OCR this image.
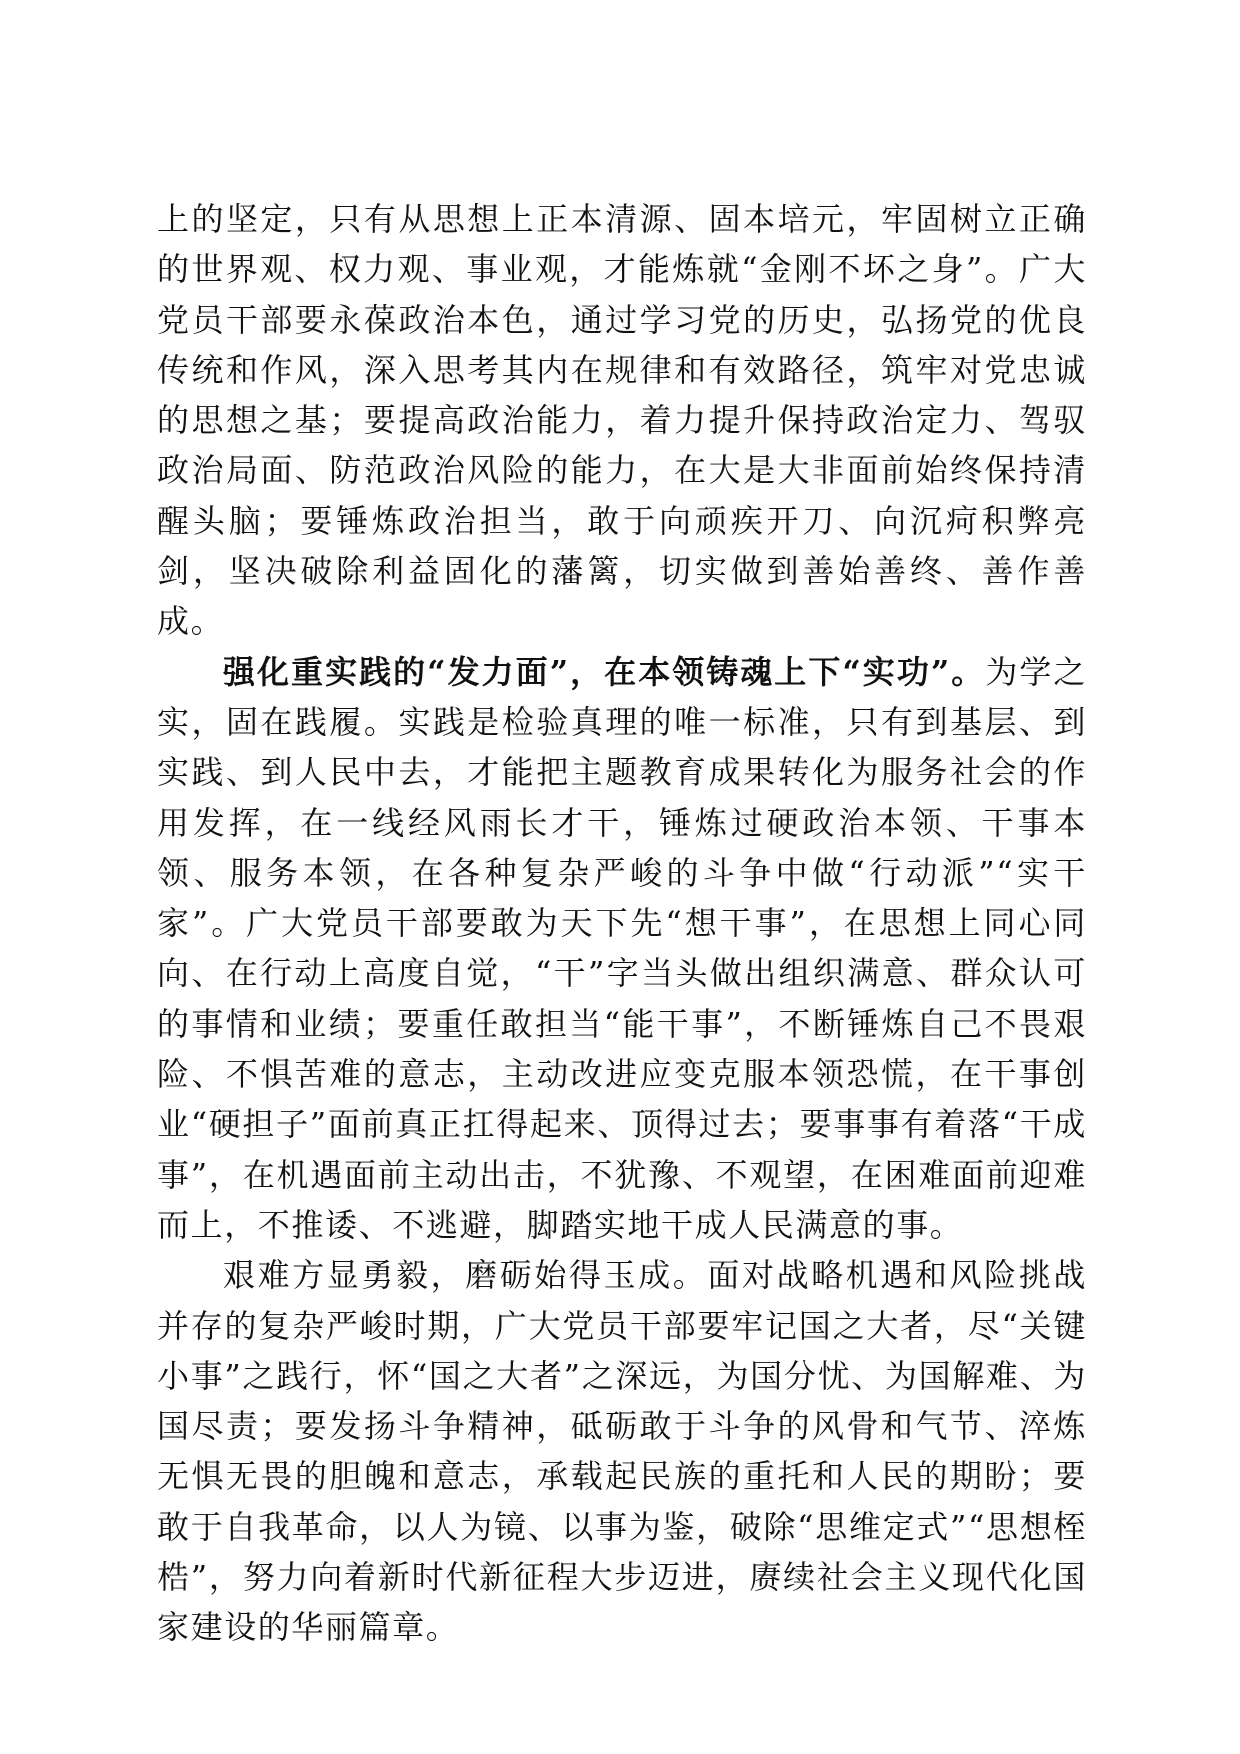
上的坚定，只有从思想上正本清源、固本培元，牢固树立正确的世界观、权力观、事业观，才能炼就“金刚不坏之身”。广大党员干部要永葆政治本色，通过学习党的历史，弘扬党的优良传统和作风，深入思考其内在规律和有效路径，筑牢对党忠诚的思想之基；要提高政治能力，着力提升保持政治定力、驾驭政治局面、防范政治风险的能力，在大是大非面前始终保持清醒头脑；要锤炼政治担当，敢于向顽疾开刀、向沉疴积弊亮剑，坚决破除利益固化的藩篱，切实做到善始善终、善作善成。

强化重实践的“发力面”，在本领铸魂上下“实功”。为学之实，固在践履。实践是检验真理的唯一标准，只有到基层、到实践、到人民中去，才能把主题教育成果转化为服务社会的作用发挥，在一线经风雨长才干，锤炼过硬政治本领、干事本领、服务本领，在各种复杂严峻的斗争中做“行动派”“实干家”。广大党员干部要敢为天下先“想干事”，在思想上同心同向、在行动上高度自觉，“干”字当头做出组织满意、群众认可的事情和业绩；要重任敢担当“能干事”，不断锤炼自己不畏艰险、不惧苦难的意志，主动改进应变克服本领恐慌，在干事创业“硬担子”面前真正扛得起来、顶得过去；要事事有着落“干成事”，在机遇面前主动出击，不犹豫、不观望，在困难面前迎难而上，不推诿、不逃避，脚踏实地干成人民满意的事。

艰难方显勇毅，磨砺始得玉成。面对战略机遇和风险挑战并存的复杂严峻时期，广大党员干部要牢记国之大者，尽“关键小事”之践行，怀“国之大者”之深远，为国分忧、为国解难、为国尽责；要发扬斗争精神，砥砺敢于斗争的风骨和气节、淬炼无惧无畏的胆魄和意志，承载起民族的重托和人民的期盼；要敢于自我革命，以人为镜、以事为鉴，破除“思维定式”“思想桎梏”，努力向着新时代新征程大步迈进，赓续社会主义现代化国家建设的华丽篇章。
